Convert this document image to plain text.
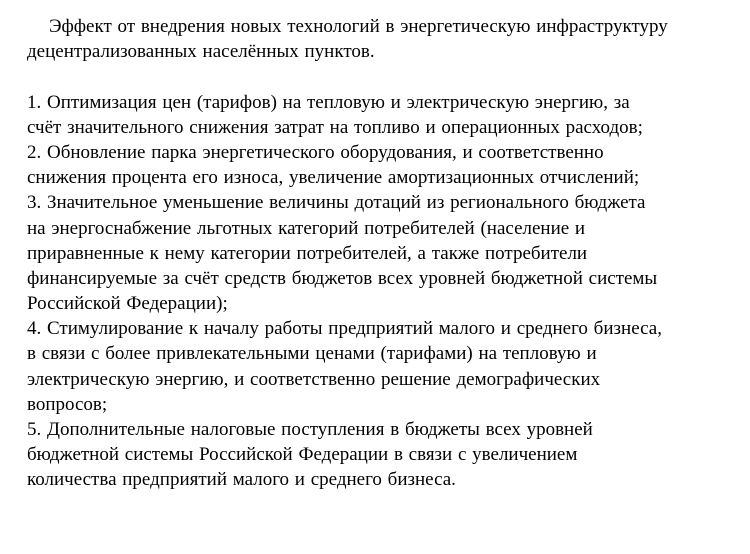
Эффект от внедрения новых технологий в энергетическую инфраструктуру
децентрализованных населённых пунктов.
1. Оптимизация цен (тарифов) на тепловую и электрическую энергию, за
счёт значительного снижения затрат на топливо и операционных расходов;
2. Обновление парка энергетического оборудования, и соответственно
снижения процента его износа, увеличение амортизационных отчислений;
3. Значительное уменьшение величины дотаций из регионального бюджета
на энергоснабжение льготных категорий потребителей (население и
приравненные к нему категории потребителей, а также потребители
финансируемые за счёт средств бюджетов всех уровней бюджетной системы
Российской Федерации);
4. Стимулирование к началу работы предприятий малого и среднего бизнеса,
в связи с более привлекательными ценами (тарифами) на тепловую и
электрическую энергию, и соответственно решение демографических
вопросов;
5. Дополнительные налоговые поступления в бюджеты всех уровней
бюджетной системы Российской Федерации в связи с увеличением
количества предприятий малого и среднего бизнеса.
